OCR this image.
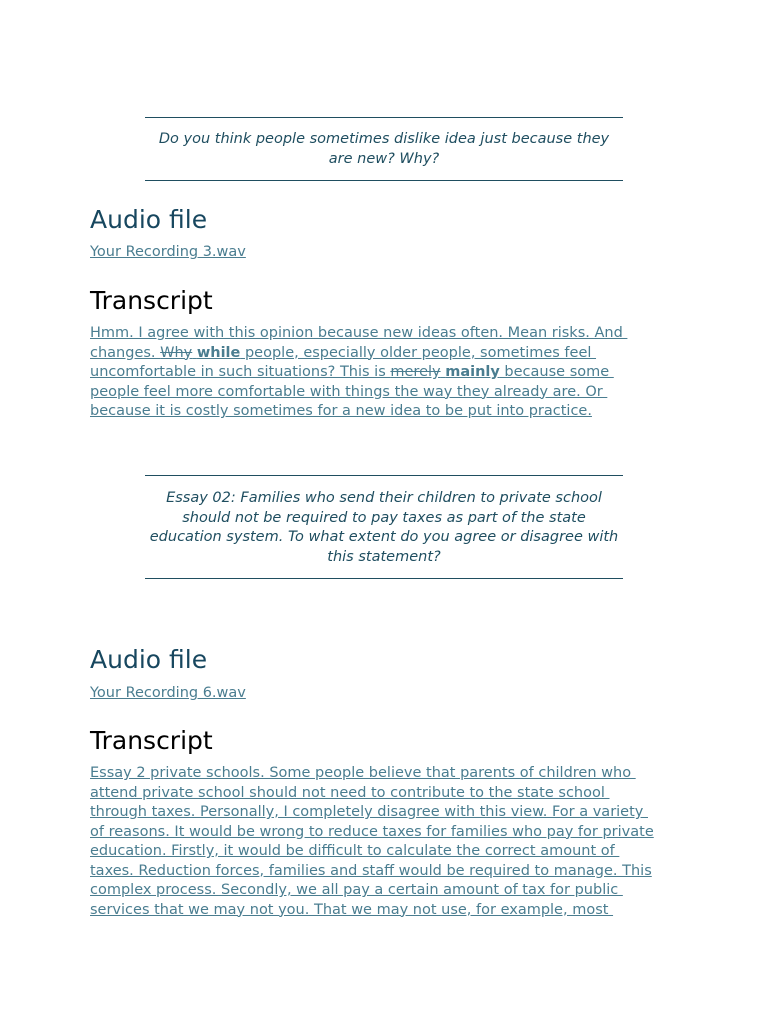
Do you think people sometimes dislike idea just because they are new? Why?
Audio file
Your Recording 3.wav
Transcript
Hmm. I agree with this opinion because new ideas often. Mean risks. And
changes. Why while people, especially older people, sometimes feel
uncomfortable in such situations? This is merely mainly because some
people feel more comfortable with things the way they already are. Or
because it is costly sometimes for a new idea to be put into practice.
Essay 02: Families who send their children to private school should not be required to pay taxes as part of the state education system. To what extent do you agree or disagree with this statement?
Audio file
Your Recording 6.wav
Transcript
Essay 2 private schools. Some people believe that parents of children who
attend private school should not need to contribute to the state school
through taxes. Personally, I completely disagree with this view. For a variety
of reasons. It would be wrong to reduce taxes for families who pay for private
education. Firstly, it would be difficult to calculate the correct amount of
taxes. Reduction forces, families and staff would be required to manage. This
complex process. Secondly, we all pay a certain amount of tax for public
services that we may not you. That we may not use, for example, most
